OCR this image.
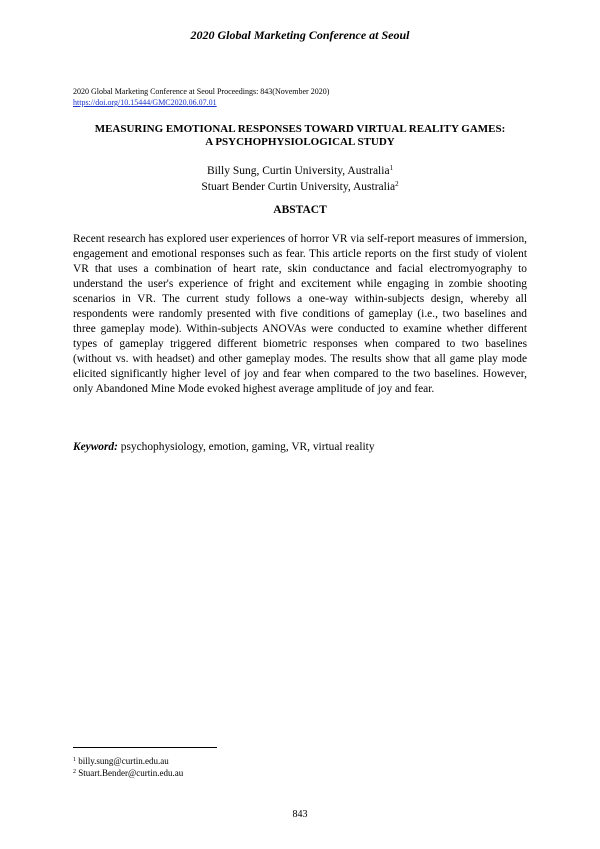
2020 Global Marketing Conference at Seoul
2020 Global Marketing Conference at Seoul Proceedings: 843(November 2020)
https://doi.org/10.15444/GMC2020.06.07.01
MEASURING EMOTIONAL RESPONSES TOWARD VIRTUAL REALITY GAMES:
A PSYCHOPHYSIOLOGICAL STUDY
Billy Sung, Curtin University, Australia$^1$
Stuart Bender Curtin University, Australia$^2$
ABSTACT

Recent research has explored user experiences of horror VR via self-report measures of immersion, engagement and emotional responses such as fear. This article reports on the first study of violent VR that uses a combination of heart rate, skin conductance and facial electromyography to understand the user's experience of fright and excitement while engaging in zombie shooting scenarios in VR. The current study follows a one-way within-subjects design, whereby all respondents were randomly presented with five conditions of gameplay (i.e., two baselines and three gameplay mode). Within-subjects ANOVAs were conducted to examine whether different types of gameplay triggered different biometric responses when compared to two baselines (without vs. with headset) and other gameplay modes. The results show that all game play mode elicited significantly higher level of joy and fear when compared to the two baselines. However, only Abandoned Mine Mode evoked highest average amplitude of joy and fear.

Keyword: psychophysiology, emotion, gaming, VR, virtual reality
$^1$ billy.sung@curtin.edu.au
$^2$ Stuart.Bender@curtin.edu.au
843
